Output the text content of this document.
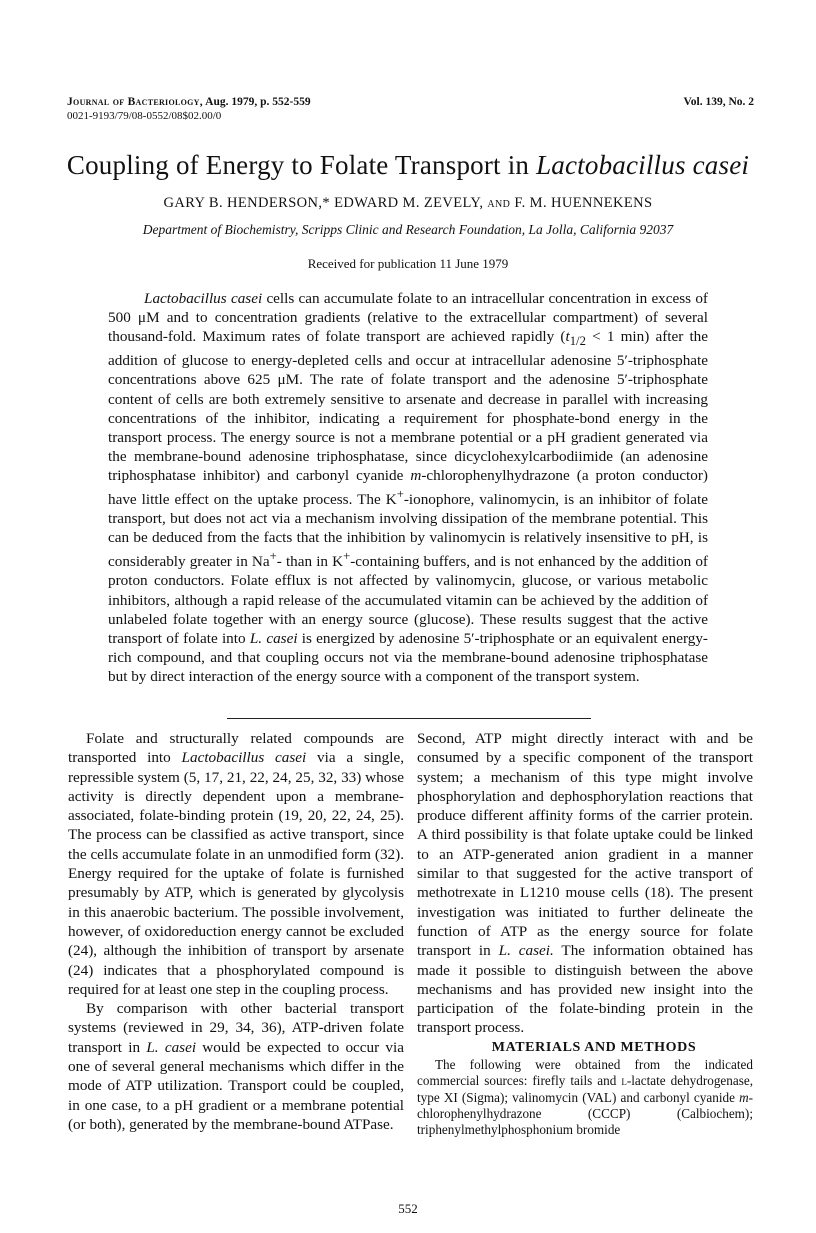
Journal of Bacteriology, Aug. 1979, p. 552-559	Vol. 139, No. 2
0021-9193/79/08-0552/08$02.00/0
Coupling of Energy to Folate Transport in Lactobacillus casei
GARY B. HENDERSON,* EDWARD M. ZEVELY, and F. M. HUENNEKENS
Department of Biochemistry, Scripps Clinic and Research Foundation, La Jolla, California 92037
Received for publication 11 June 1979

Lactobacillus casei cells can accumulate folate to an intracellular concentration in excess of 500 μM and to concentration gradients (relative to the extracellular compartment) of several thousand-fold. Maximum rates of folate transport are achieved rapidly ($t_{1/2} < 1$ min) after the addition of glucose to energy-depleted cells and occur at intracellular adenosine 5′-triphosphate concentrations above 625 μM. The rate of folate transport and the adenosine 5′-triphosphate content of cells are both extremely sensitive to arsenate and decrease in parallel with increasing concentrations of the inhibitor, indicating a requirement for phosphate-bond energy in the transport process. The energy source is not a membrane potential or a pH gradient generated via the membrane-bound adenosine triphosphatase, since dicyclohexylcarbodiimide (an adenosine triphosphatase inhibitor) and carbonyl cyanide m-chlorophenylhydrazone (a proton conductor) have little effect on the uptake process. The K+-ionophore, valinomycin, is an inhibitor of folate transport, but does not act via a mechanism involving dissipation of the membrane potential. This can be deduced from the facts that the inhibition by valinomycin is relatively insensitive to pH, is considerably greater in Na+- than in K+-containing buffers, and is not enhanced by the addition of proton conductors. Folate efflux is not affected by valinomycin, glucose, or various metabolic inhibitors, although a rapid release of the accumulated vitamin can be achieved by the addition of unlabeled folate together with an energy source (glucose). These results suggest that the active transport of folate into L. casei is energized by adenosine 5′-triphosphate or an equivalent energy-rich compound, and that coupling occurs not via the membrane-bound adenosine triphosphatase but by direct interaction of the energy source with a component of the transport system.

Folate and structurally related compounds are transported into Lactobacillus casei via a single, repressible system (5, 17, 21, 22, 24, 25, 32, 33) whose activity is directly dependent upon a membrane-associated, folate-binding protein (19, 20, 22, 24, 25). The process can be classified as active transport, since the cells accumulate folate in an unmodified form (32). Energy required for the uptake of folate is furnished presumably by ATP, which is generated by glycolysis in this anaerobic bacterium. The possible involvement, however, of oxidoreduction energy cannot be excluded (24), although the inhibition of transport by arsenate (24) indicates that a phosphorylated compound is required for at least one step in the coupling process.

By comparison with other bacterial transport systems (reviewed in 29, 34, 36), ATP-driven folate transport in L. casei would be expected to occur via one of several general mechanisms which differ in the mode of ATP utilization. Transport could be coupled, in one case, to a pH gradient or a membrane potential (or both), generated by the membrane-bound ATPase.

Second, ATP might directly interact with and be consumed by a specific component of the transport system; a mechanism of this type might involve phosphorylation and dephosphorylation reactions that produce different affinity forms of the carrier protein. A third possibility is that folate uptake could be linked to an ATP-generated anion gradient in a manner similar to that suggested for the active transport of methotrexate in L1210 mouse cells (18). The present investigation was initiated to further delineate the function of ATP as the energy source for folate transport in L. casei. The information obtained has made it possible to distinguish between the above mechanisms and has provided new insight into the participation of the folate-binding protein in the transport process.

MATERIALS AND METHODS

The following were obtained from the indicated commercial sources: firefly tails and l-lactate dehydrogenase, type XI (Sigma); valinomycin (VAL) and carbonyl cyanide m-chlorophenylhydrazone (CCCP) (Calbiochem); triphenylmethylphosphonium bromide

552
